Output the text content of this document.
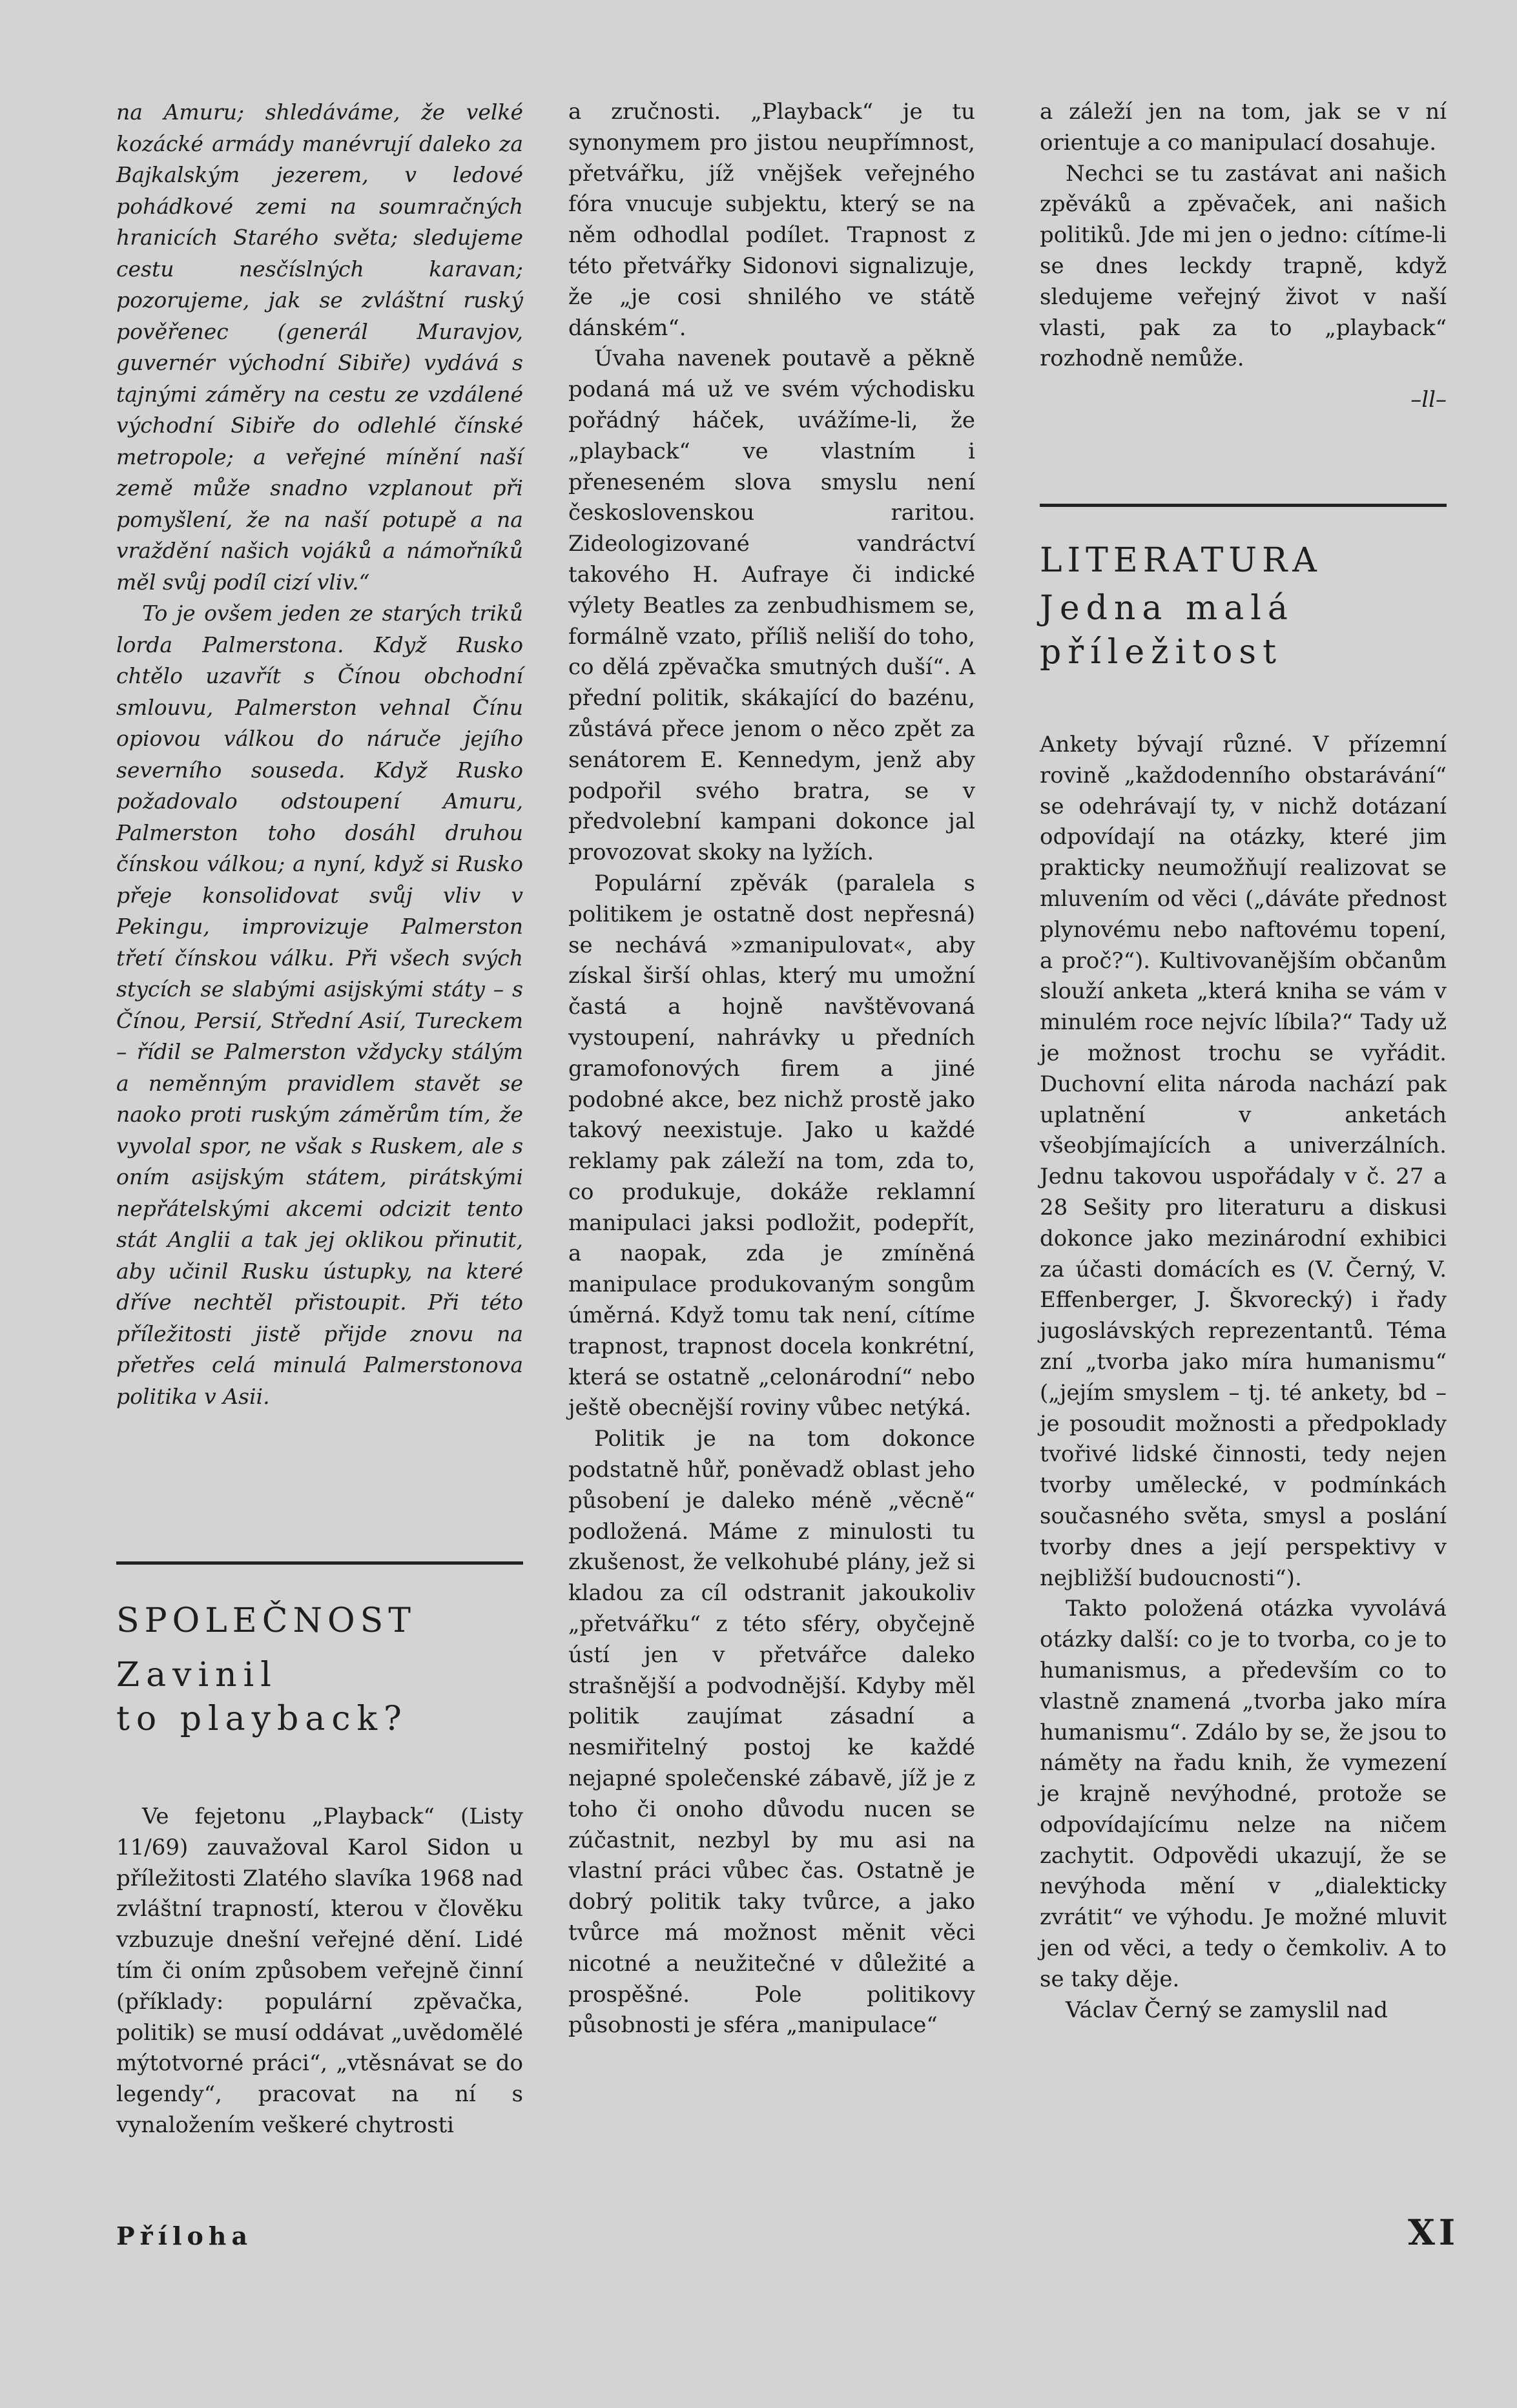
na Amuru; shledáváme, že velké kozácké armády manévrují daleko za Bajkalským jezerem, v ledové pohádkové zemi na soumračných hranicích Starého světa; sledujeme cestu nesčíslných karavan; pozorujeme, jak se zvláštní ruský pověřenec (generál Muravjov, guvernér východní Sibiře) vydává s tajnými záměry na cestu ze vzdálené východní Sibiře do odlehlé čínské metropole; a veřejné mínění naší země může snadno vzplanout při pomyšlení, že na naší potupě a na vraždění našich vojáků a námořníků měl svůj podíl cizí vliv.“

To je ovšem jeden ze starých triků lorda Palmerstona. Když Rusko chtělo uzavřít s Čínou obchodní smlouvu, Palmerston vehnal Čínu opiovou válkou do náruče jejího severního souseda. Když Rusko požadovalo odstoupení Amuru, Palmerston toho dosáhl druhou čínskou válkou; a nyní, když si Rusko přeje konsolidovat svůj vliv v Pekingu, improvizuje Palmerston třetí čínskou válku. Při všech svých stycích se slabými asijskými státy – s Čínou, Persií, Střední Asií, Tureckem – řídil se Palmerston vždycky stálým a neměnným pravidlem stavět se naoko proti ruským záměrům tím, že vyvolal spor, ne však s Ruskem, ale s oním asijským státem, pirátskými nepřátelskými akcemi odcizit tento stát Anglii a tak jej oklikou přinutit, aby učinil Rusku ústupky, na které dříve nechtěl přistoupit. Při této příležitosti jistě přijde znovu na přetřes celá minulá Palmerstonova politika v Asii.

SPOLEČNOST
Zavinil
to playback?

Ve fejetonu „Playback“ (Listy 11/69) zauvažoval Karol Sidon u příležitosti Zlatého slavíka 1968 nad zvláštní trapností, kterou v člověku vzbuzuje dnešní veřejné dění. Lidé tím či oním způsobem veřejně činní (příklady: populární zpěvačka, politik) se musí oddávat „uvědomělé mýtotvorné práci“, „vtěsnávat se do legendy“, pracovat na ní s vynaložením veškeré chytrosti

a zručnosti. „Playback“ je tu synonymem pro jistou neupřímnost, přetvářku, jíž vnějšek veřejného fóra vnucuje subjektu, který se na něm odhodlal podílet. Trapnost z této přetvářky Sidonovi signalizuje, že „je cosi shnilého ve státě dánském“.

Úvaha navenek poutavě a pěkně podaná má už ve svém východisku pořádný háček, uvážíme-li, že „playback“ ve vlastním i přeneseném slova smyslu není československou raritou. Zideologizované vandráctví takového H. Aufraye či indické výlety Beatles za zenbudhismem se, formálně vzato, příliš neliší do toho, co dělá zpěvačka smutných duší“. A přední politik, skákající do bazénu, zůstává přece jenom o něco zpět za senátorem E. Kennedym, jenž aby podpořil svého bratra, se v předvolební kampani dokonce jal provozovat skoky na lyžích.

Populární zpěvák (paralela s politikem je ostatně dost nepřesná) se nechává »zmanipulovat«, aby získal širší ohlas, který mu umožní častá a hojně navštěvovaná vystoupení, nahrávky u předních gramofonových firem a jiné podobné akce, bez nichž prostě jako takový neexistuje. Jako u každé reklamy pak záleží na tom, zda to, co produkuje, dokáže reklamní manipulaci jaksi podložit, podepřít, a naopak, zda je zmíněná manipulace produkovaným songům úměrná. Když tomu tak není, cítíme trapnost, trapnost docela konkrétní, která se ostatně „celonárodní“ nebo ještě obecnější roviny vůbec netýká.

Politik je na tom dokonce podstatně hůř, poněvadž oblast jeho působení je daleko méně „věcně“ podložená. Máme z minulosti tu zkušenost, že velkohubé plány, jež si kladou za cíl odstranit jakoukoliv „přetvářku“ z této sféry, obyčejně ústí jen v přetvářce daleko strašnější a podvodnější. Kdyby měl politik zaujímat zásadní a nesmiřitelný postoj ke každé nejapné společenské zábavě, jíž je z toho či onoho důvodu nucen se zúčastnit, nezbyl by mu asi na vlastní práci vůbec čas. Ostatně je dobrý politik taky tvůrce, a jako tvůrce má možnost měnit věci nicotné a neužitečné v důležité a prospěšné. Pole politikovy působnosti je sféra „manipulace“

a záleží jen na tom, jak se v ní orientuje a co manipulací dosahuje.

Nechci se tu zastávat ani našich zpěváků a zpěvaček, ani našich politiků. Jde mi jen o jedno: cítíme-li se dnes leckdy trapně, když sledujeme veřejný život v naší vlasti, pak za to „playback“ rozhodně nemůže.

–ll–
LITERATURA
Jedna malá
příležitost

Ankety bývají různé. V přízemní rovině „každodenního obstarávání“ se odehrávají ty, v nichž dotázaní odpovídají na otázky, které jim prakticky neumožňují realizovat se mluvením od věci („dáváte přednost plynovému nebo naftovému topení, a proč?“). Kultivovanějším občanům slouží anketa „která kniha se vám v minulém roce nejvíc líbila?“ Tady už je možnost trochu se vyřádit. Duchovní elita národa nachází pak uplatnění v anketách všeobjímajících a univerzálních. Jednu takovou uspořádaly v č. 27 a 28 Sešity pro literaturu a diskusi dokonce jako mezinárodní exhibici za účasti domácích es (V. Černý, V. Effenberger, J. Škvorecký) i řady jugoslávských reprezentantů. Téma zní „tvorba jako míra humanismu“ („jejím smyslem – tj. té ankety, bd – je posoudit možnosti a předpoklady tvořivé lidské činnosti, tedy nejen tvorby umělecké, v podmínkách současného světa, smysl a poslání tvorby dnes a její perspektivy v nejbližší budoucnosti“).

Takto položená otázka vyvolává otázky další: co je to tvorba, co je to humanismus, a především co to vlastně znamená „tvorba jako míra humanismu“. Zdálo by se, že jsou to náměty na řadu knih, že vymezení je krajně nevýhodné, protože se odpovídajícímu nelze na ničem zachytit. Odpovědi ukazují, že se nevýhoda mění v „dialekticky zvrátit“ ve výhodu. Je možné mluvit jen od věci, a tedy o čemkoliv. A to se taky děje.

Václav Černý se zamyslil nad

Příloha	XI
